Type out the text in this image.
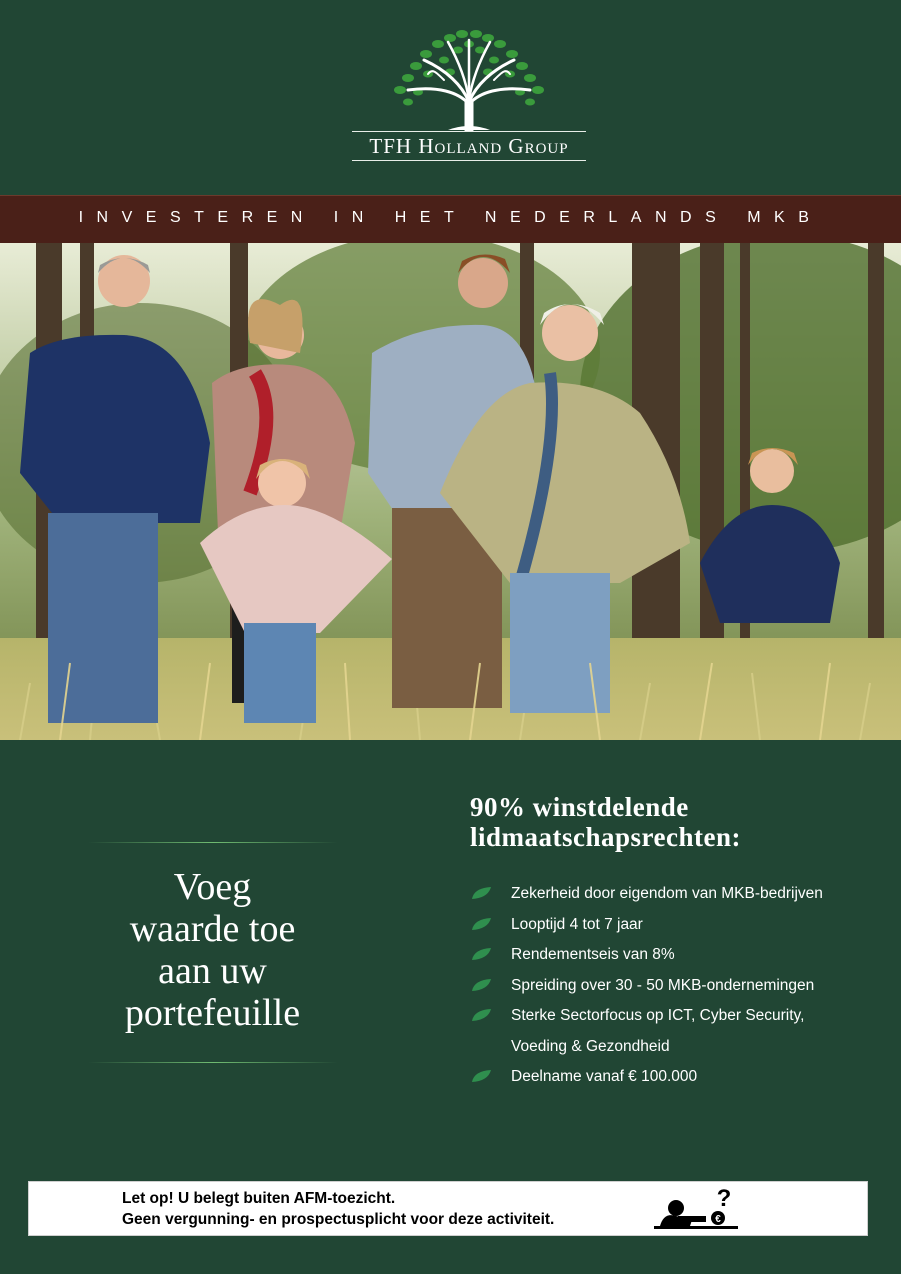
TFH Holland Group
INVESTEREN IN HET NEDERLANDS MKB
Voeg
waarde toe
aan uw
portefeuille
90% winstdelende
lidmaatschapsrechten:
Zekerheid door eigendom van MKB-bedrijven
Looptijd 4 tot 7 jaar
Rendementseis van 8%
Spreiding over 30 - 50 MKB-ondernemingen
Sterke Sectorfocus op ICT, Cyber Security,
Voeding & Gezondheid
Deelname vanaf € 100.000
Let op! U belegt buiten AFM-toezicht.
Geen vergunning- en prospectusplicht voor deze activiteit.	€
?
